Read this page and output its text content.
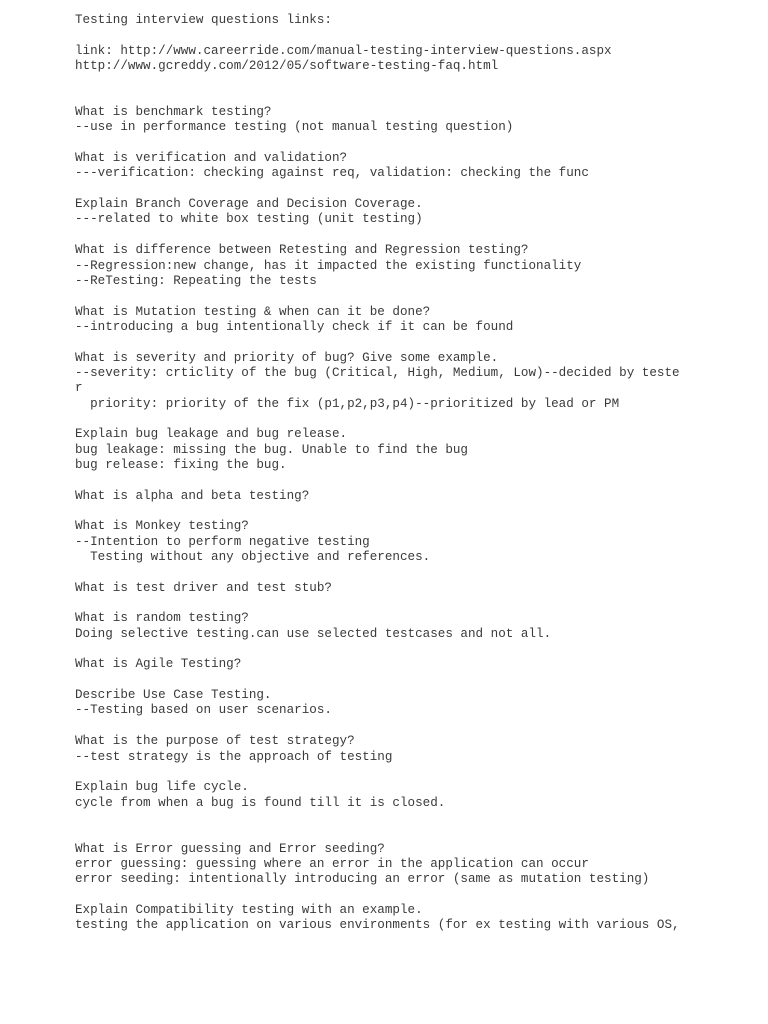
Testing interview questions links:
link: http://www.careerride.com/manual-testing-interview-questions.aspx
http://www.gcreddy.com/2012/05/software-testing-faq.html
What is benchmark testing?
--use in performance testing (not manual testing question)
What is verification and validation?
---verification: checking against req, validation: checking the func
Explain Branch Coverage and Decision Coverage.
---related to white box testing (unit testing)
What is difference between Retesting and Regression testing?
--Regression:new change, has it impacted the existing functionality
--ReTesting: Repeating the tests
What is Mutation testing & when can it be done?
--introducing a bug intentionally check if it can be found
What is severity and priority of bug? Give some example.
--severity: crticlity of the bug (Critical, High, Medium, Low)--decided by teste
r
priority: priority of the fix (p1,p2,p3,p4)--prioritized by lead or PM
Explain bug leakage and bug release.
bug leakage: missing the bug. Unable to find the bug
bug release: fixing the bug.
What is alpha and beta testing?
What is Monkey testing?
--Intention to perform negative testing
Testing without any objective and references.
What is test driver and test stub?
What is random testing?
Doing selective testing.can use selected testcases and not all.
What is Agile Testing?
Describe Use Case Testing.
--Testing based on user scenarios.
What is the purpose of test strategy?
--test strategy is the approach of testing
Explain bug life cycle.
cycle from when a bug is found till it is closed.
What is Error guessing and Error seeding?
error guessing: guessing where an error in the application can occur
error seeding: intentionally introducing an error (same as mutation testing)
Explain Compatibility testing with an example.
testing the application on various environments (for ex testing with various OS,
